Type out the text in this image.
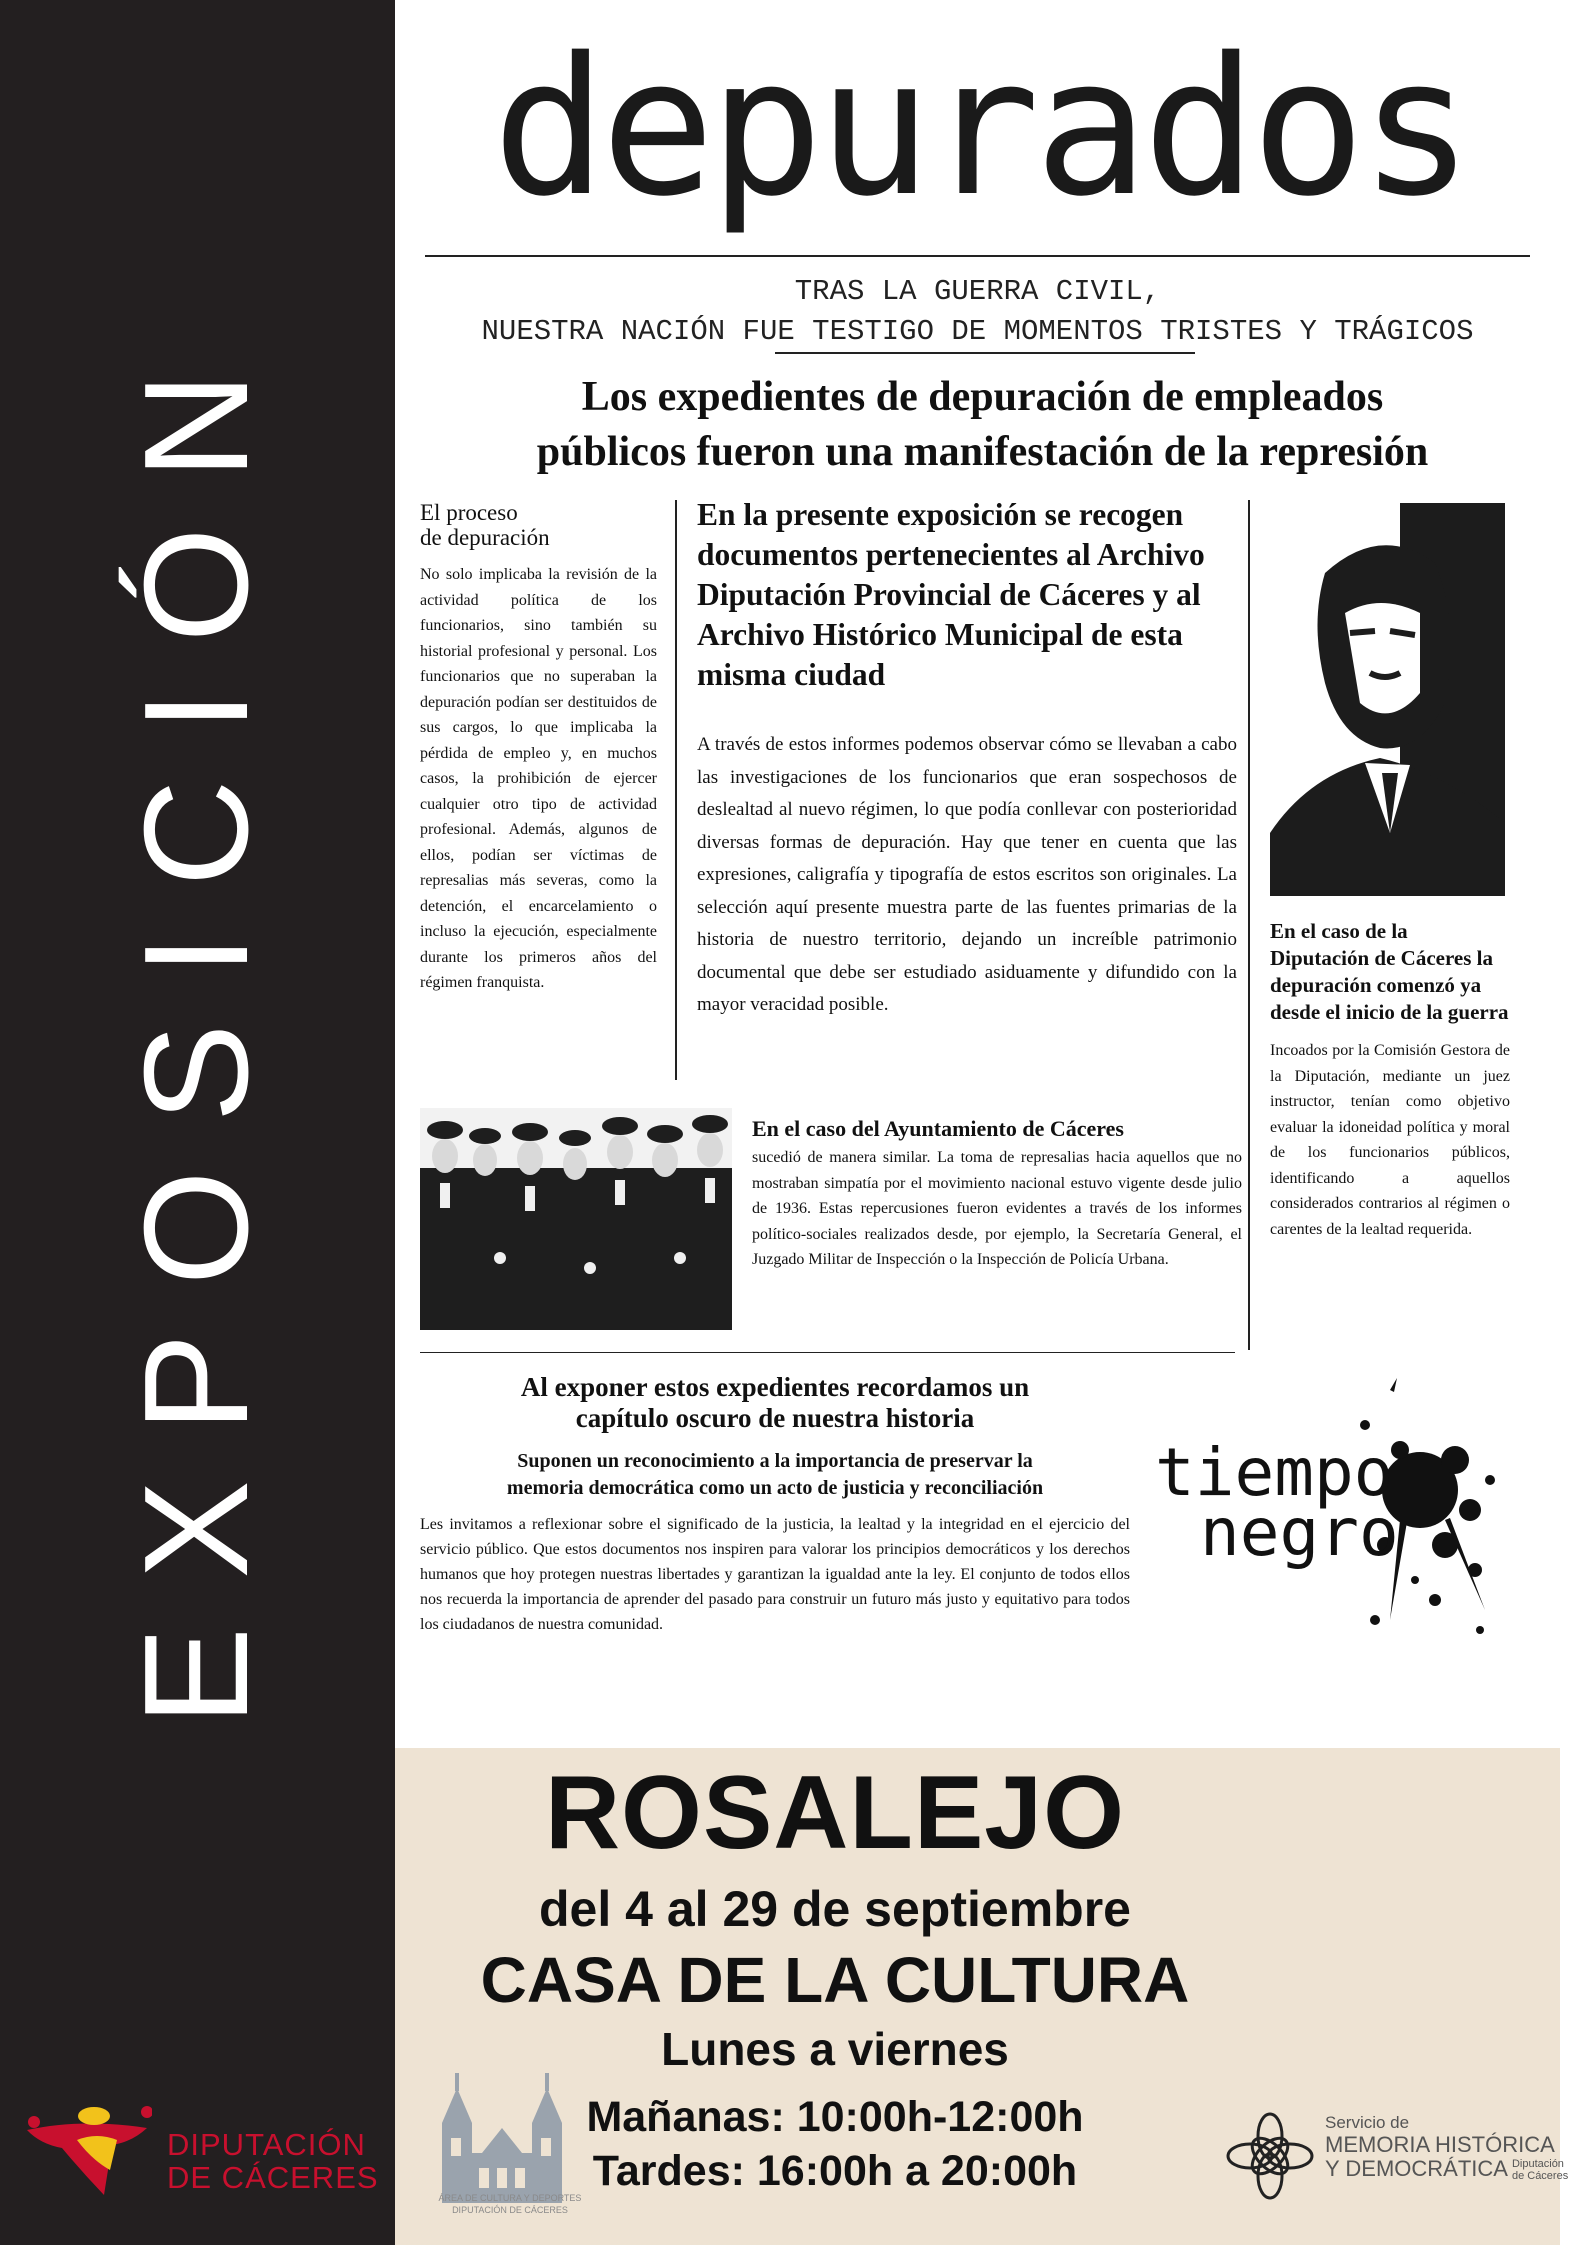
EXPOSICIÓN
DIPUTACIÓN
DE CÁCERES
depurados
TRAS LA GUERRA CIVIL,
NUESTRA NACIÓN FUE TESTIGO DE MOMENTOS TRISTES Y TRÁGICOS
Los expedientes de depuración de empleados
públicos fueron una manifestación de la represión
El proceso
de depuración

No solo implicaba la revisión de la actividad política de los funcionarios, sino también su historial profesional y personal. Los funcionarios que no superaban la depuración podían ser destituidos de sus cargos, lo que implicaba la pérdida de empleo y, en muchos casos, la prohibición de ejercer cualquier otro tipo de actividad profesional. Además, algunos de ellos, podían ser víctimas de represalias más severas, como la detención, el encarcelamiento o incluso la ejecución, especialmente durante los primeros años del régimen franquista.

En la presente exposición se recogen documentos pertenecientes al Archivo Diputación Provincial de Cáceres y al Archivo Histórico Municipal de esta misma ciudad

A través de estos informes podemos observar cómo se llevaban a cabo las investigaciones de los funcionarios que eran sospechosos de deslealtad al nuevo régimen, lo que podía conllevar con posterioridad diversas formas de depuración. Hay que tener en cuenta que las expresiones, caligrafía y tipografía de estos escritos son originales. La selección aquí presente muestra parte de las fuentes primarias de la historia de nuestro territorio, dejando un increíble patrimonio documental que debe ser estudiado asiduamente y difundido con la mayor veracidad posible.

En el caso de la Diputación de Cáceres la depuración comenzó ya desde el inicio de la guerra

Incoados por la Comisión Gestora de la Diputación, mediante un juez instructor, tenían como objetivo evaluar la idoneidad política y moral de los funcionarios públicos, identificando a aquellos considerados contrarios al régimen o carentes de la lealtad requerida.

En el caso del Ayuntamiento de Cáceres

sucedió de manera similar. La toma de represalias hacia aquellos que no mostraban simpatía por el movimiento nacional estuvo vigente desde julio de 1936. Estas repercusiones fueron evidentes a través de los informes político-sociales realizados desde, por ejemplo, la Secretaría General, el Juzgado Militar de Inspección o la Inspección de Policía Urbana.

Al exponer estos expedientes recordamos un
capítulo oscuro de nuestra historia
Suponen un reconocimiento a la importancia de preservar la
memoria democrática como un acto de justicia y reconciliación

Les invitamos a reflexionar sobre el significado de la justicia, la lealtad y la integridad en el ejercicio del servicio público. Que estos documentos nos inspiren para valorar los principios democráticos y los derechos humanos que hoy protegen nuestras libertades y garantizan la igualdad ante la ley. El conjunto de todos ellos nos recuerda la importancia de aprender del pasado para construir un futuro más justo y equitativo para todos los ciudadanos de nuestra comunidad.

tiempo
negro
ROSALEJO
del 4 al 29 de septiembre
CASA DE LA CULTURA
Lunes a viernes
Mañanas: 10:00h-12:00h
Tardes: 16:00h a 20:00h
ÁREA DE CULTURA Y DEPORTES
DIPUTACIÓN DE CÁCERES
Servicio de
MEMORIA HISTÓRICA
Y DEMOCRÁTICA Diputación
de Cáceres
